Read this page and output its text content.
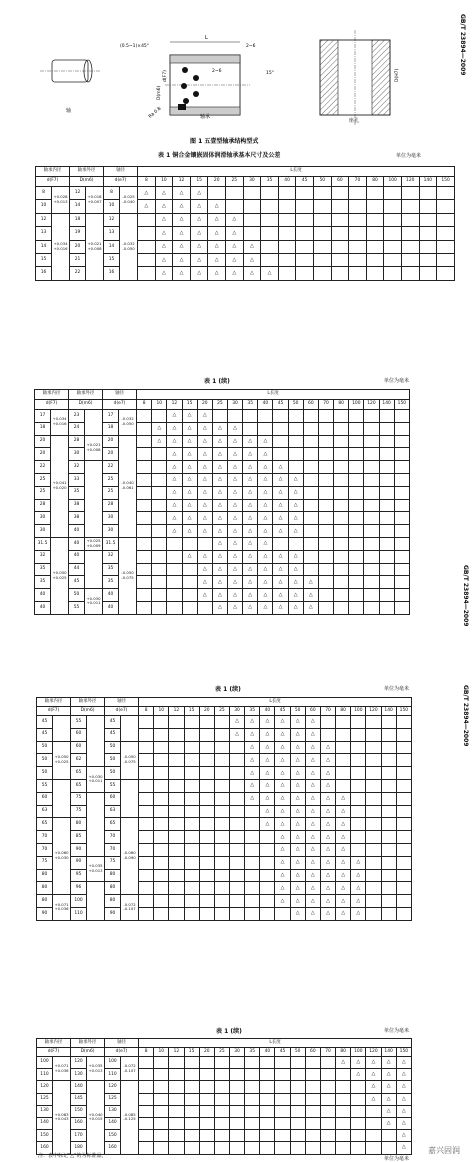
GB/T 23894—2009
轴
L
(0.5~1)×45°	2~6
2~6
D(m6)
d(F7)	15°
Ra 0.8	轴承
D(H7)
座孔
图 1 五壹型轴承结构型式
表 1 铜合金镶嵌固体润滑轴承基本尺寸及公差	单位为毫米
轴承内径		轴承外径		轴径		L长度																	
d(F7)		D(m6)		d(e7)		8	10	12	15	20	25	30	35	40	45	50	60	70	80	100	120	140	150
8	+0.028 +0.013	12	+0.018 +0.007	8	-0.025 -0.040	△	△	△	△														
10		14		10		△	△	△	△	△													
12	+0.034 +0.016	18	+0.021 +0.008	12	-0.032 -0.050		△	△	△	△	△												
13		19		13			△	△	△	△	△												
14		20		14			△	△	△	△	△	△											
15		21		15			△	△	△	△	△	△											
16		22		16			△	△	△	△	△	△	△										
GB/T 23894—2009
表 1 (续)	单位为毫米
轴承内径		轴承外径		轴径		L长度																	
d(F7)		D(m6)		d(e7)		8	10	12	15	20	25	30	35	40	45	50	60	70	80	100	120	140	150
17	+0.034 +0.016	23		17	-0.032 -0.050			△	△	△													
18		24		18			△	△	△	△	△	△											
20	+0.041 +0.020	28	+0.021 +0.008	20	-0.040 -0.061		△	△	△	△	△	△	△	△									
20		30		20				△	△	△	△	△	△	△									
22		32		22				△	△	△	△	△	△	△	△								
25		33		25				△	△	△	△	△	△	△	△	△							
25		35		25				△	△	△	△	△	△	△	△	△							
28		38		28				△	△	△	△	△	△	△	△	△							
30		38		30				△	△	△	△	△	△	△	△	△							
30		40		30				△	△	△	△	△	△	△	△	△							
31.5	+0.050 +0.025	40	+0.025 +0.009	31.5	-0.050 -0.075						△	△	△	△									
32		40		32					△	△	△	△	△	△	△	△							
35		44		35						△	△	△	△	△	△	△							
35		45		35						△	△	△	△	△	△	△	△						
40		50	+0.030 +0.011	40						△	△	△	△	△	△	△	△						
40		55		40							△	△	△	△	△	△	△						
GB/T 23894—2009
表 1 (续)	单位为毫米
轴承内径		轴承外径		轴径		L长度																	
d(F7)		D(m6)		d(e7)		8	10	12	15	20	25	30	35	40	45	50	60	70	80	100	120	140	150
45		55		45								△	△	△	△	△	△						
45		60		45								△	△	△	△	△	△						
50	+0.050 +0.025	60		50	-0.050 -0.075								△	△	△	△	△	△					
50		62		50									△	△	△	△	△	△					
50		65	+0.030 +0.011	50									△	△	△	△	△	△					
55		65		55									△	△	△	△	△	△					
60		75		60									△	△	△	△	△	△	△				
63		75		63										△	△	△	△	△	△				
65	+0.060 +0.030	80		65	-0.060 -0.090									△	△	△	△	△	△				
70		85		70											△	△	△	△	△				
70		90		70											△	△	△	△	△				
75		90	+0.035 +0.013	75											△	△	△	△	△	△			
80		95		80											△	△	△	△	△	△			
80		96		80											△	△	△	△	△	△			
80	+0.071 +0.036	100		80	-0.072 -0.107										△	△	△	△	△	△			
90		110		90												△	△	△	△	△			
表 1 (续)	单位为毫米
轴承内径		轴承外径		轴径		L长度																	
d(F7)		D(m6)		d(e7)		8	10	12	15	20	25	30	35	40	45	50	60	70	80	100	120	140	150
100	+0.071 +0.036	120	+0.035 +0.013	100	-0.072 -0.107														△	△	△	△	△
110		130		110																△	△	△	△
120	+0.083 +0.043	140	+0.040 +0.015	120	-0.085 -0.125																△	△	△
125		145		125																	△	△	△
130		150		130																		△	△
140		160		140																		△	△
150		170		150																			△
160		180		160																			△
注：表中标记"△"的为标准品。	单位为毫米
嘉兴固润
